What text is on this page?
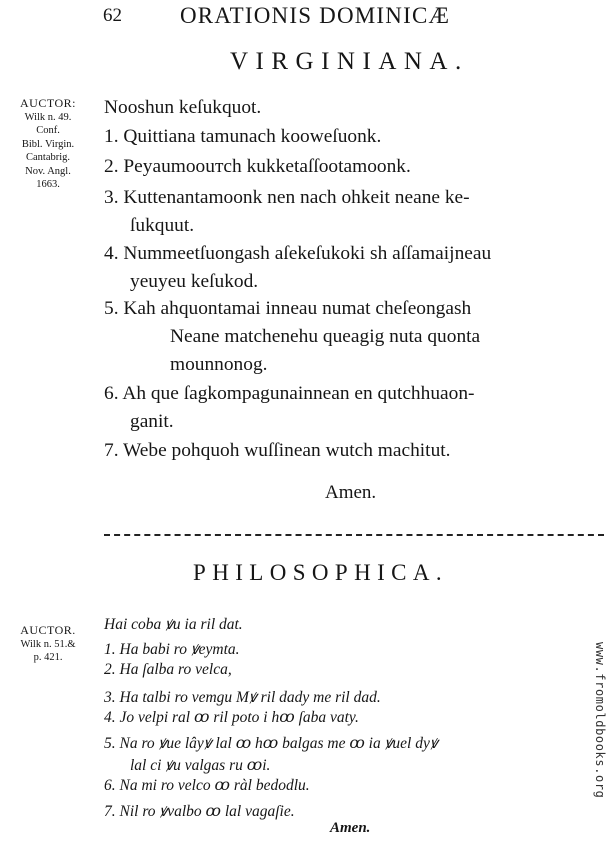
62	ORATIONIS DOMINICÆ
VIRGINIANA.
AUCTOR:
Wilk n. 49.
Conf.
Bibl. Virgin.
Cantabrig.
Nov. Angl.
1663.
Nooshun keſukquot.
1. Quittiana tamunach kooweſuonk.
2. Peyaumoouтch kukketaſſootamoonk.
3. Kuttenantamoonk nen nach ohkeit neane ke-
ſukquut.
4. Nummeetſuongash aſekeſukoki sh aſſamaijneau
yeuyeu keſukod.
5. Kah ahquontamai inneau numat cheſeongash
Neane matchenehu queagig nuta quonta
mounnonog.
6. Ah que ſagkompagunainnean en qutchhuaon-
ganit.
7. Webe pohquoh wuſſinean wutch machitut.
Amen.
PHILOSOPHICA.
AUCTOR.
Wilk n. 51.&
p. 421.
Hai coba ꝟu ia ril dat.
1. Ha babi ro ꝟeymta.
2. Ha ſalba ro velca,
3. Ha talbi ro vemgu Mꝟ ril dady me ril dad.
4. Jo velpi ral ꝏ ril poto i hꝏ ſaba vaty.
5. Na ro ꝟue lâyꝟ lal ꝏ hꝏ balgas me ꝏ ia ꝟuel dyꝟ
lal ci ꝟu valgas ru ꝏi.
6. Na mi ro velco ꝏ ràl bedodlu.
7. Nil ro ꝟvalbo ꝏ lal vagaſie.
Amen.
www.fromoldbooks.org
